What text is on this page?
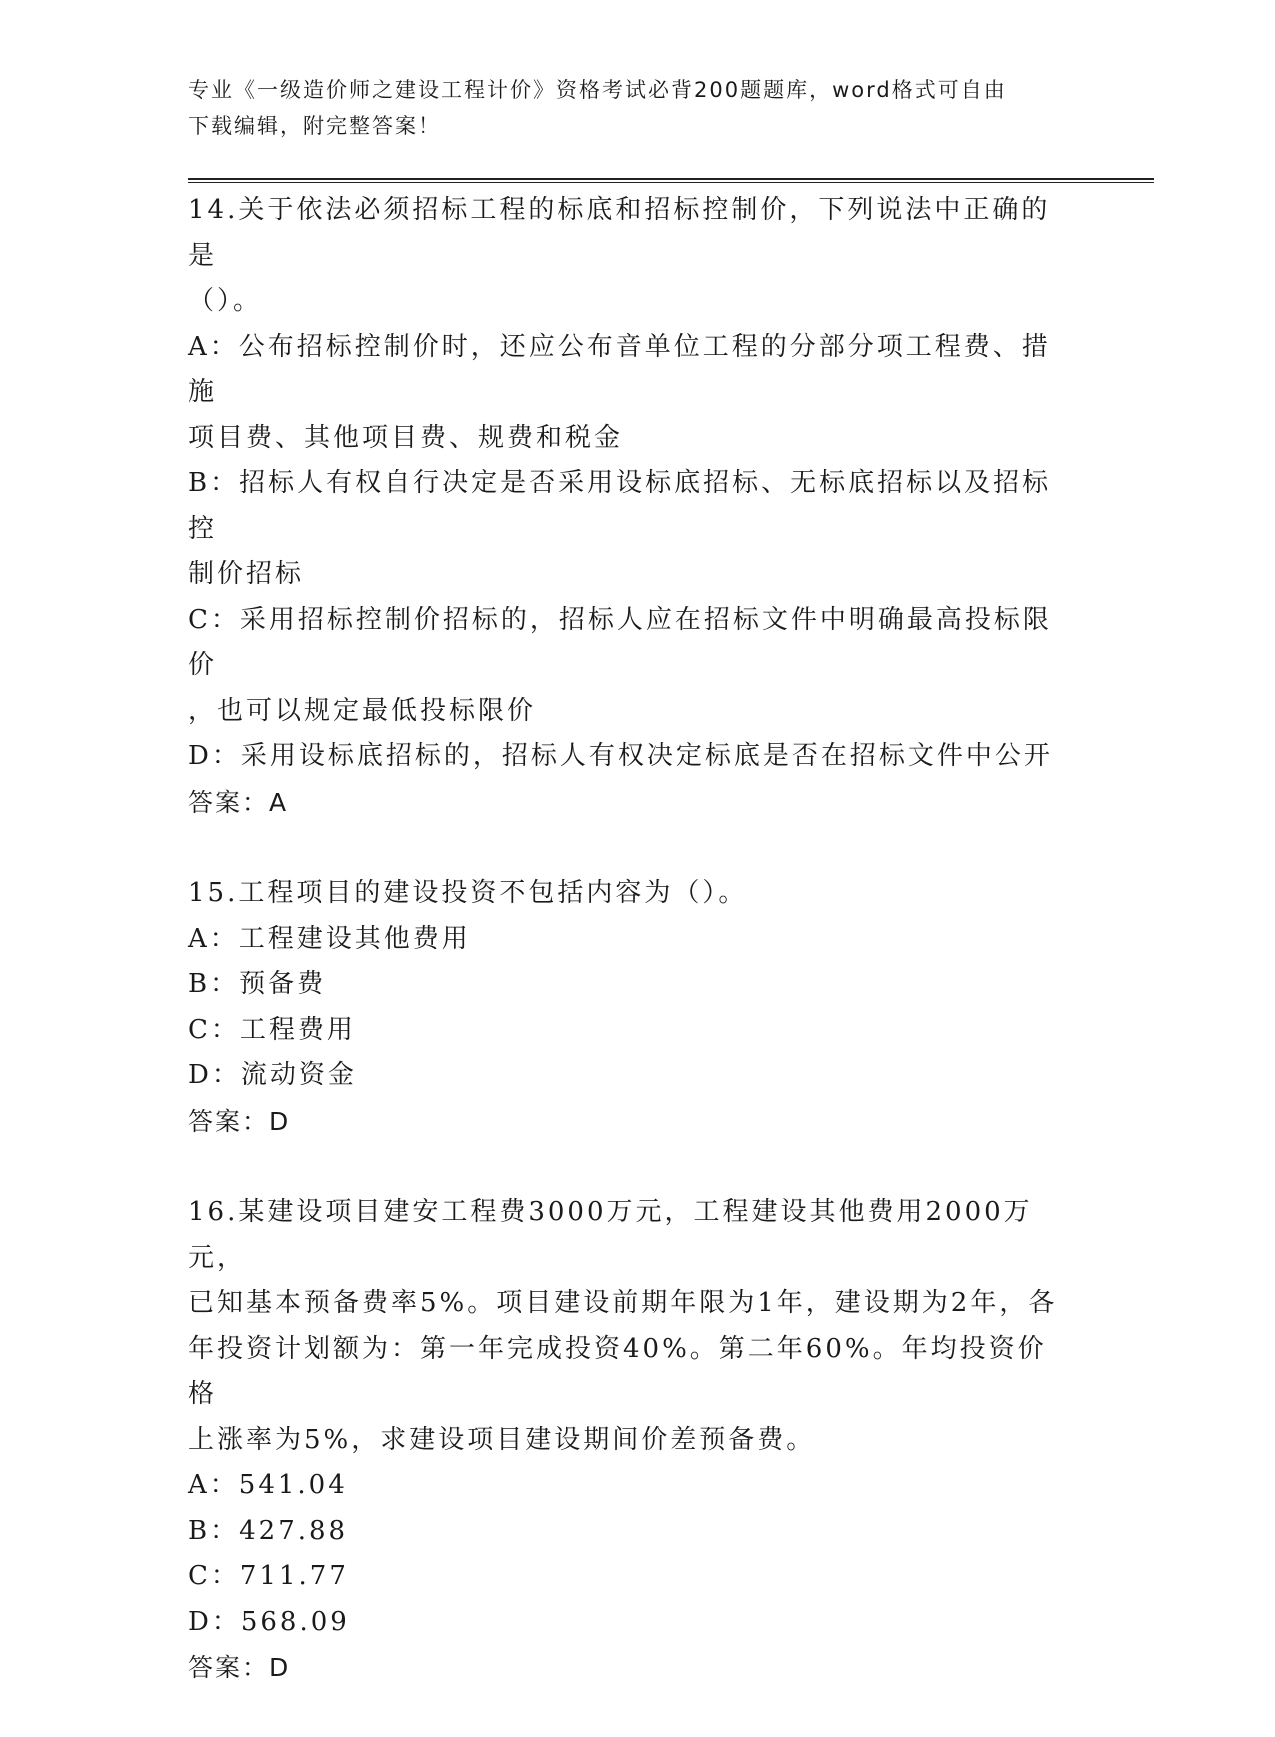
专业《一级造价师之建设工程计价》资格考试必背200题题库，word格式可自由
下载编辑，附完整答案！
14.关于依法必须招标工程的标底和招标控制价，下列说法中正确的是
（）。
A：公布招标控制价时，还应公布音单位工程的分部分项工程费、措施
项目费、其他项目费、规费和税金
B：招标人有权自行决定是否采用设标底招标、无标底招标以及招标控
制价招标
C：采用招标控制价招标的，招标人应在招标文件中明确最高投标限价
，也可以规定最低投标限价
D：采用设标底招标的，招标人有权决定标底是否在招标文件中公开
答案：A
15.工程项目的建设投资不包括内容为（）。
A：工程建设其他费用
B：预备费
C：工程费用
D：流动资金
答案：D
16.某建设项目建安工程费3000万元，工程建设其他费用2000万元，
已知基本预备费率5%。项目建设前期年限为1年，建设期为2年，各
年投资计划额为：第一年完成投资40%。第二年60%。年均投资价格
上涨率为5%，求建设项目建设期间价差预备费。
A：541.04
B：427.88
C：711.77
D：568.09
答案：D
